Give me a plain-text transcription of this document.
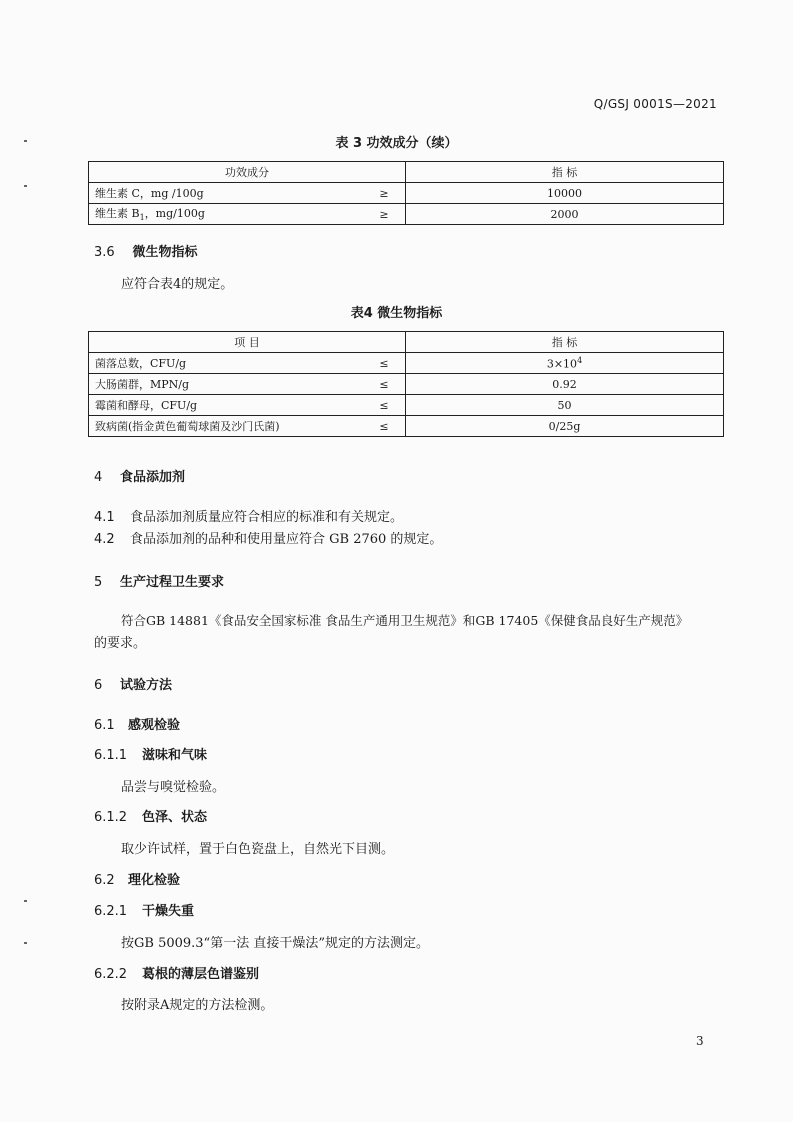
Q/GSJ 0001S—2021
表 3 功效成分（续）
功效成分		指 标
维生素 C，mg /100g	≥	10000
维生素 $B_1$，mg/100g	≥	2000
3.6 微生物指标
应符合表4的规定。
表4 微生物指标
项 目		指 标
菌落总数，CFU/g	≤	$3\times 10^4$
大肠菌群，MPN/g	≤	0.92
霉菌和酵母，CFU/g	≤	50
致病菌(指金黄色葡萄球菌及沙门氏菌)	≤	0/25g
4 食品添加剂
4.1 食品添加剂质量应符合相应的标准和有关规定。
4.2 食品添加剂的品种和使用量应符合 GB 2760 的规定。
5 生产过程卫生要求
符合GB 14881《食品安全国家标准 食品生产通用卫生规范》和GB 17405《保健食品良好生产规范》
的要求。
6 试验方法
6.1 感观检验
6.1.1 滋味和气味
品尝与嗅觉检验。
6.1.2 色泽、状态
取少许试样，置于白色瓷盘上，自然光下目测。
6.2 理化检验
6.2.1 干燥失重
按GB 5009.3“第一法 直接干燥法”规定的方法测定。
6.2.2 葛根的薄层色谱鉴别
按附录A规定的方法检测。
3
